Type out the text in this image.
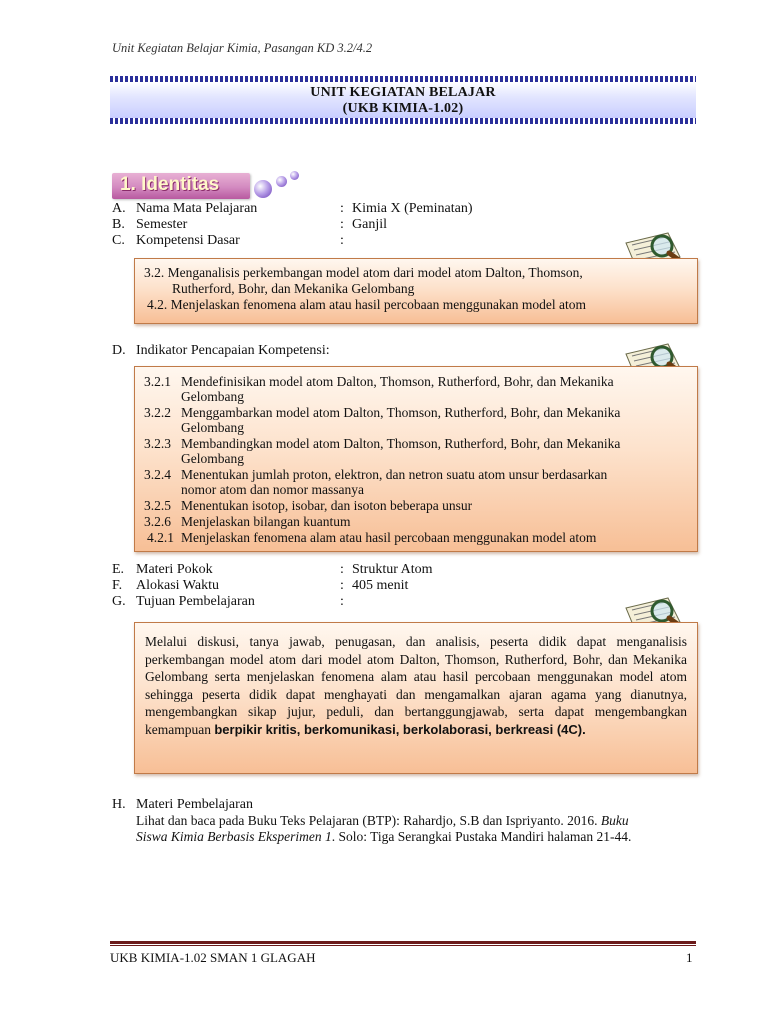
Unit Kegiatan Belajar Kimia, Pasangan KD 3.2/4.2
UNIT KEGIATAN BELAJAR
(UKB KIMIA-1.02)
1. Identitas
A. Nama Mata Pelajaran	: Kimia X (Peminatan)
B. Semester	: Ganjil
C. Kompetensi Dasar	:
3.2. Menganalisis perkembangan model atom dari model atom Dalton, Thomson,
Rutherford, Bohr, dan Mekanika Gelombang
4.2. Menjelaskan fenomena alam atau hasil percobaan menggunakan model atom
D. Indikator Pencapaian Kompetensi:
3.2.1 Mendefinisikan model atom Dalton, Thomson, Rutherford, Bohr, dan Mekanika
Gelombang
3.2.2 Menggambarkan model atom Dalton, Thomson, Rutherford, Bohr, dan Mekanika
Gelombang
3.2.3 Membandingkan model atom Dalton, Thomson, Rutherford, Bohr, dan Mekanika
Gelombang
3.2.4 Menentukan jumlah proton, elektron, dan netron suatu atom unsur berdasarkan
nomor atom dan nomor massanya
3.2.5 Menentukan isotop, isobar, dan isoton beberapa unsur
3.2.6 Menjelaskan bilangan kuantum
4.2.1 Menjelaskan fenomena alam atau hasil percobaan menggunakan model atom
E. Materi Pokok	: Struktur Atom
F. Alokasi Waktu	: 405 menit
G. Tujuan Pembelajaran	:
Melalui diskusi, tanya jawab, penugasan, dan analisis, peserta didik dapat menganalisis perkembangan model atom dari model atom Dalton, Thomson, Rutherford, Bohr, dan Mekanika Gelombang serta menjelaskan fenomena alam atau hasil percobaan menggunakan model atom sehingga peserta didik dapat menghayati dan mengamalkan ajaran agama yang dianutnya, mengembangkan sikap jujur, peduli, dan bertanggungjawab, serta dapat mengembangkan kemampuan berpikir kritis, berkomunikasi, berkolaborasi, berkreasi (4C).
H. Materi Pembelajaran
Lihat dan baca pada Buku Teks Pelajaran (BTP): Rahardjo, S.B dan Ispriyanto. 2016. Buku
Siswa Kimia Berbasis Eksperimen 1. Solo: Tiga Serangkai Pustaka Mandiri halaman 21-44.
UKB KIMIA-1.02 SMAN 1 GLAGAH	1
